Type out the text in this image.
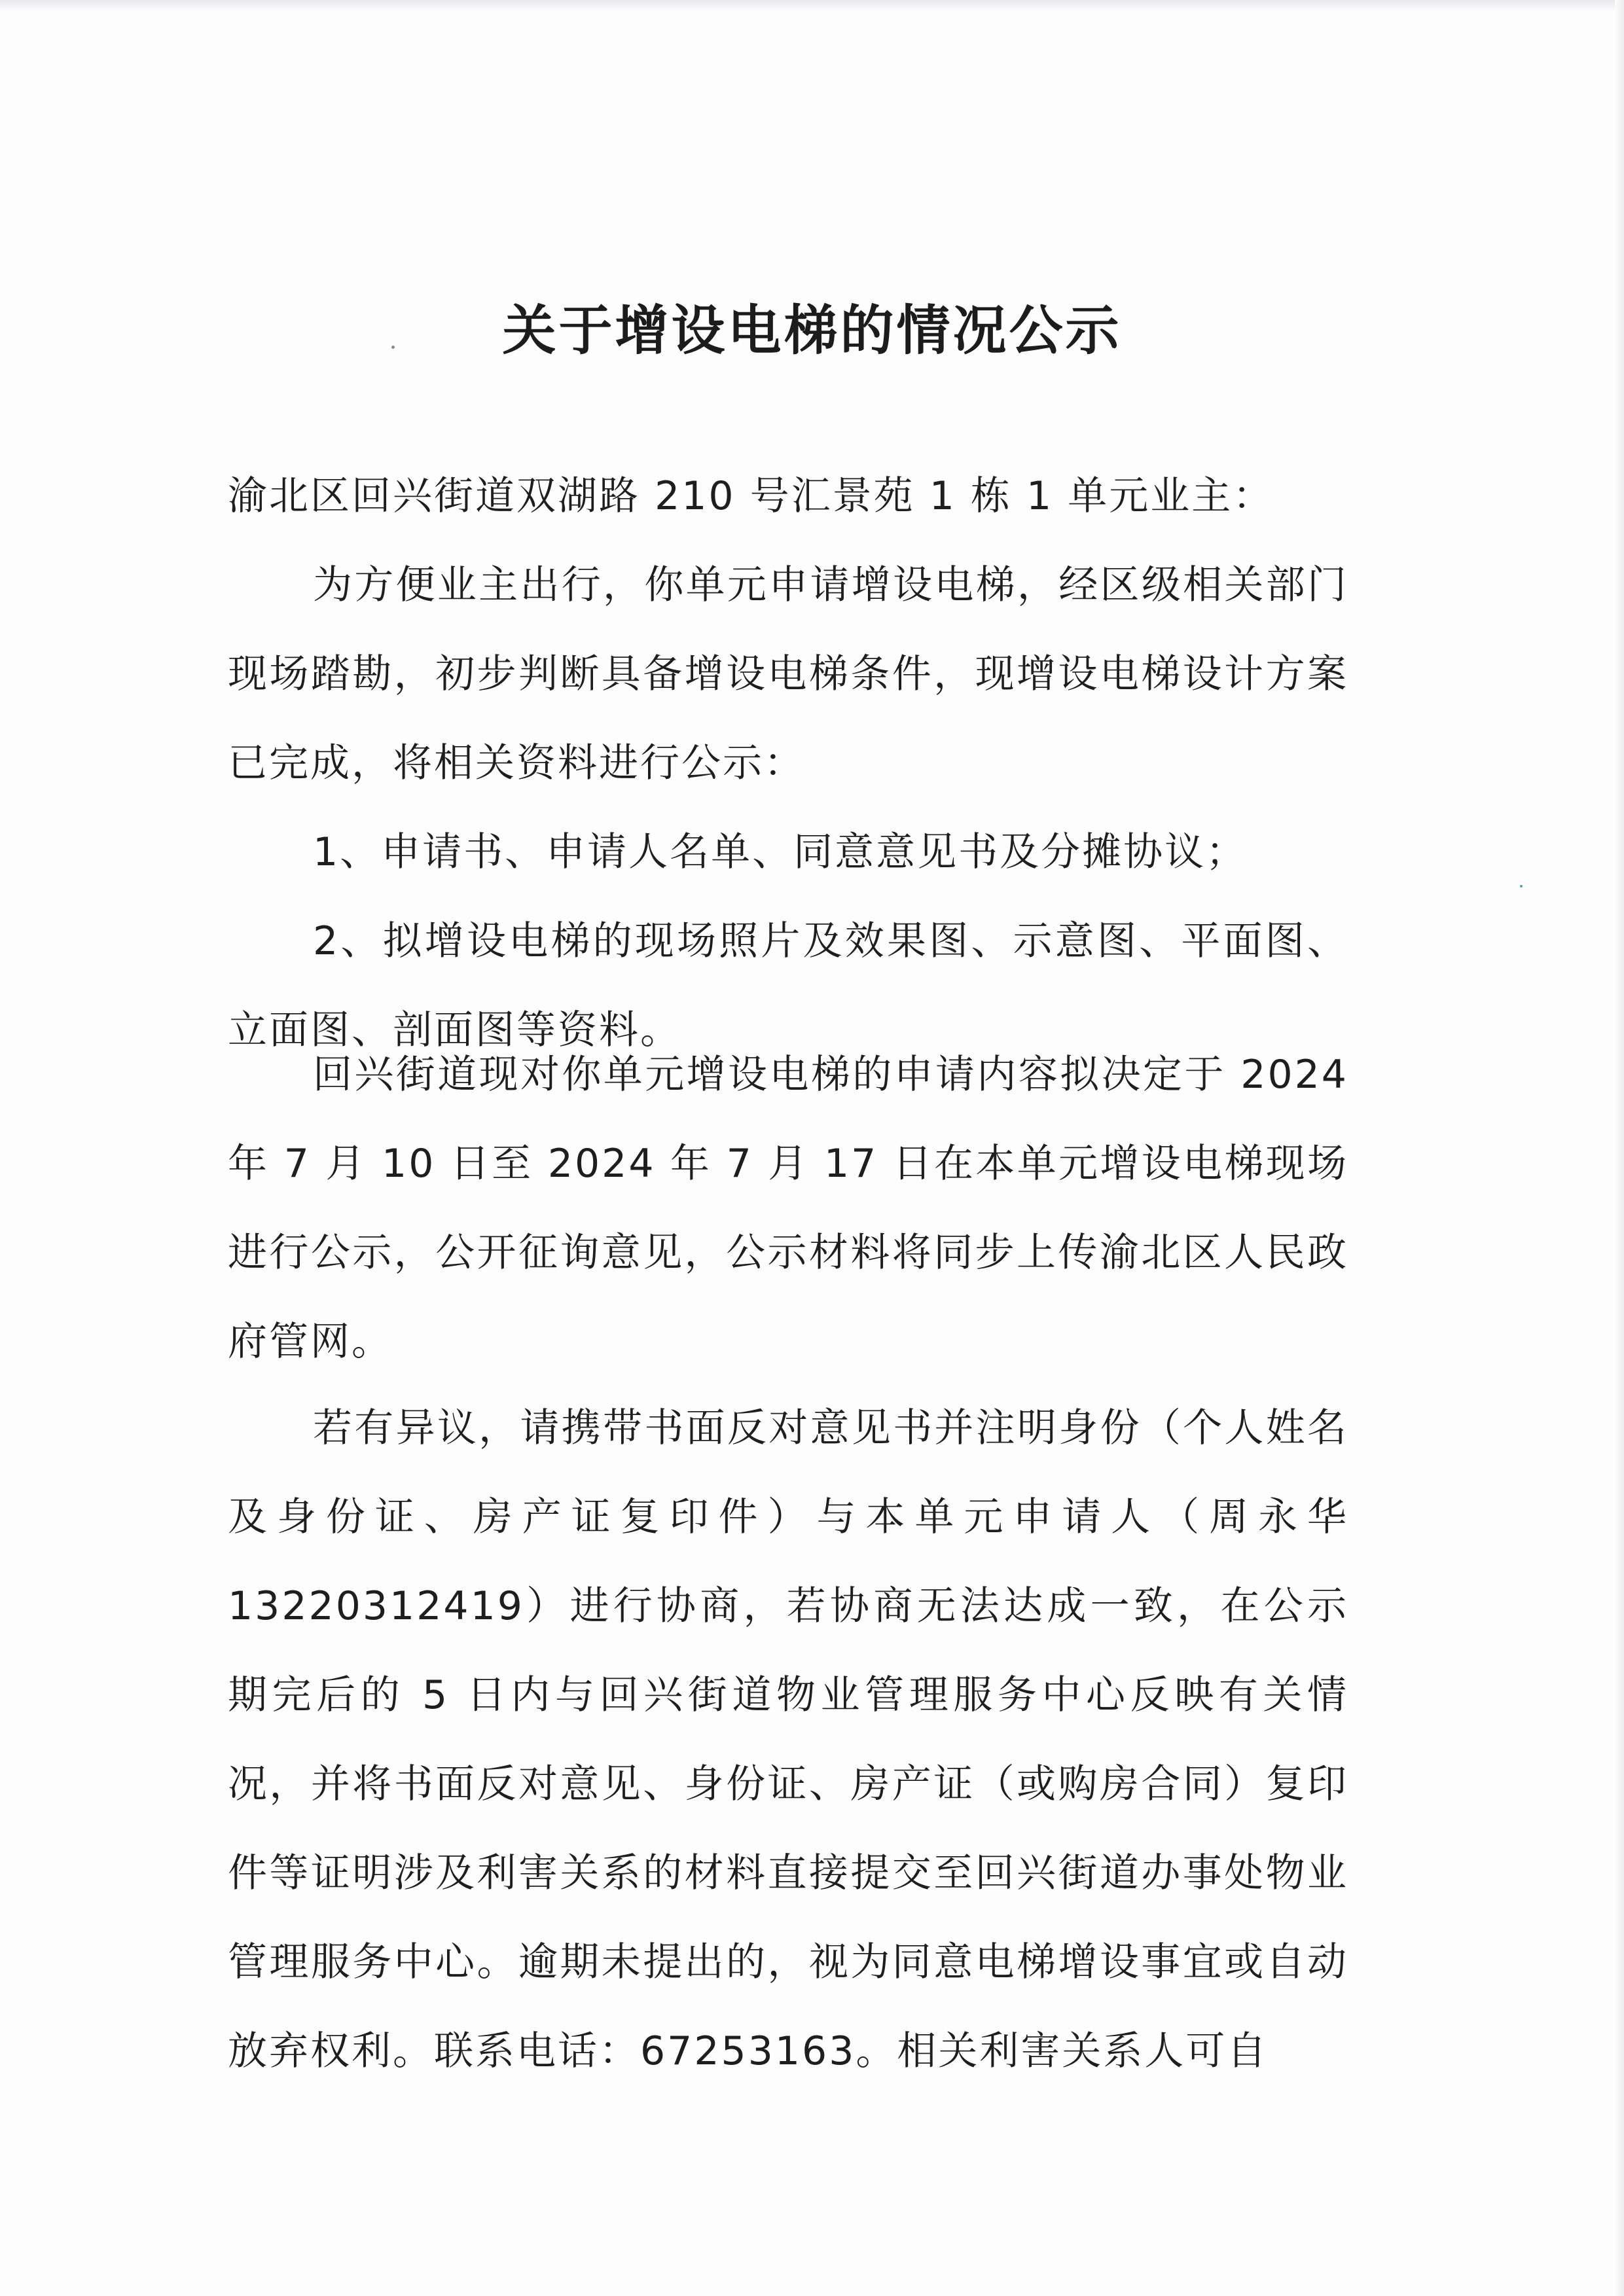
关于增设电梯的情况公示

渝北区回兴街道双湖路 210 号汇景苑 1 栋 1 单元业主：

为方便业主出行，你单元申请增设电梯，经区级相关部门现场踏勘，初步判断具备增设电梯条件，现增设电梯设计方案已完成，将相关资料进行公示：

1、申请书、申请人名单、同意意见书及分摊协议；

2、拟增设电梯的现场照片及效果图、示意图、平面图、立面图、剖面图等资料。

回兴街道现对你单元增设电梯的申请内容拟决定于 2024 年 7 月 10 日至 2024 年 7 月 17 日在本单元增设电梯现场进行公示，公开征询意见，公示材料将同步上传渝北区人民政府管网。

若有异议，请携带书面反对意见书并注明身份（个人姓名及身份证、房产证复印件）与本单元申请人（周永华 13220312419）进行协商，若协商无法达成一致，在公示期完后的 5 日内与回兴街道物业管理服务中心反映有关情况，并将书面反对意见、身份证、房产证（或购房合同）复印件等证明涉及利害关系的材料直接提交至回兴街道办事处物业管理服务中心。逾期未提出的，视为同意电梯增设事宜或自动放弃权利。联系电话：67253163。相关利害关系人可自
